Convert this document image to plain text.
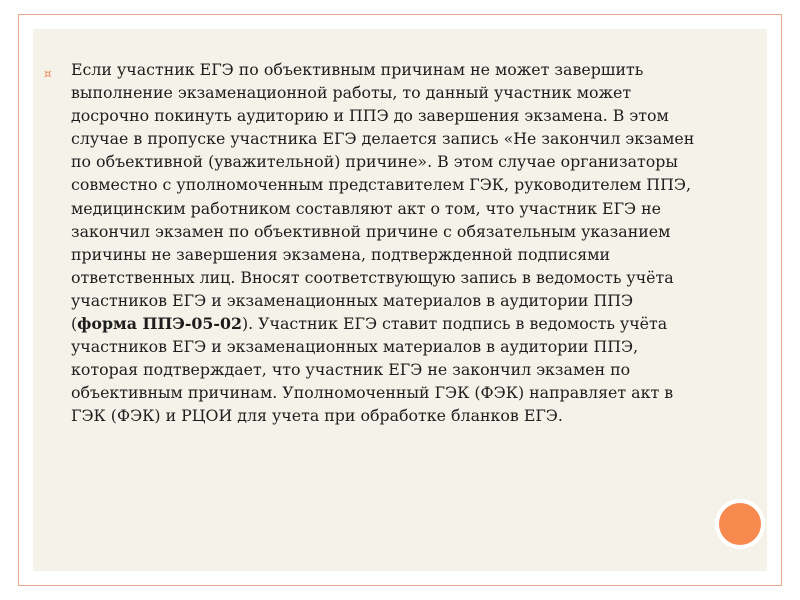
¤ Если участник ЕГЭ по объективным причинам не может завершить выполнение экзаменационной работы, то данный участник может досрочно покинуть аудиторию и ППЭ до завершения экзамена. В этом случае в пропуске участника ЕГЭ делается запись «Не закончил экзамен по объективной (уважительной) причине». В этом случае организаторы совместно с уполномоченным представителем ГЭК, руководителем ППЭ, медицинским работником составляют акт о том, что участник ЕГЭ не закончил экзамен по объективной причине с обязательным указанием причины не завершения экзамена, подтвержденной подписями ответственных лиц. Вносят соответствующую запись в ведомость учёта участников ЕГЭ и экзаменационных материалов в аудитории ППЭ (форма ППЭ-05-02). Участник ЕГЭ ставит подпись в ведомость учёта участников ЕГЭ и экзаменационных материалов в аудитории ППЭ, которая подтверждает, что участник ЕГЭ не закончил экзамен по объективным причинам. Уполномоченный ГЭК (ФЭК) направляет акт в ГЭК (ФЭК) и РЦОИ для учета при обработке бланков ЕГЭ.
